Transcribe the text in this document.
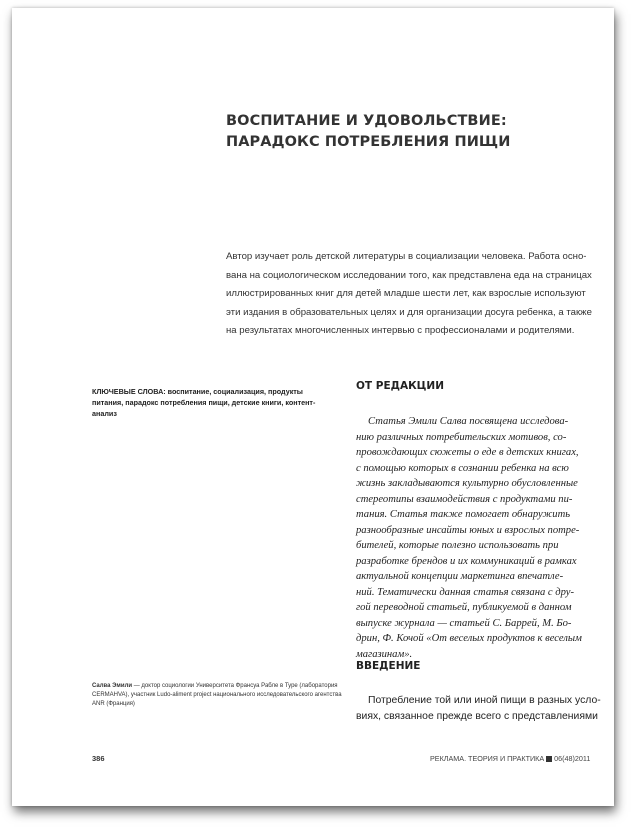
ВОСПИТАНИЕ И УДОВОЛЬСТВИЕ:
ПАРАДОКС ПОТРЕБЛЕНИЯ ПИЩИ
Автор изучает роль детской литературы в социализации человека. Работа осно-
вана на социологическом исследовании того, как представлена еда на страницах
иллюстрированных книг для детей младше шести лет, как взрослые используют
эти издания в образовательных целях и для организации досуга ребенка, а также
на результатах многочисленных интервью с профессионалами и родителями.
КЛЮЧЕВЫЕ СЛОВА: воспитание, социализация, продукты
питания, парадокс потребления пищи, детские книги, контент-
анализ
ОТ РЕДАКЦИИ
Статья Эмили Салва посвящена исследова-
нию различных потребительских мотивов, со-
провождающих сюжеты о еде в детских книгах,
с помощью которых в сознании ребенка на всю
жизнь закладываются культурно обусловленные
стереотипы взаимодействия с продуктами пи-
тания. Статья также помогает обнаружить
разнообразные инсайты юных и взрослых потре-
бителей, которые полезно использовать при
разработке брендов и их коммуникаций в рамках
актуальной концепции маркетинга впечатле-
ний. Тематически данная статья связана с дру-
гой переводной статьей, публикуемой в данном
выпуске журнала — статьей С. Баррей, М. Бо-
дрин, Ф. Кочой «От веселых продуктов к веселым
магазинам».
ВВЕДЕНИЕ
Потребление той или иной пищи в разных усло-
виях, связанное прежде всего с представлениями
Салва Эмили — доктор социологии Университета Франсуа Рабле в Туре (лаборатория
CERMAHVA), участник Ludo-aliment project национального исследовательского агентства
ANR (Франция)
386	РЕКЛАМА. ТЕОРИЯ И ПРАКТИКА 06(48)2011
